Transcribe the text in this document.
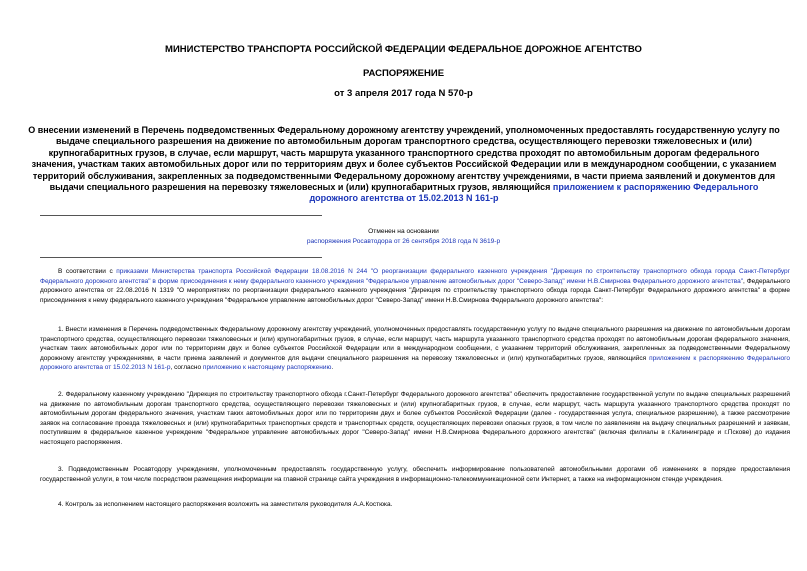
МИНИСТЕРСТВО ТРАНСПОРТА РОССИЙСКОЙ ФЕДЕРАЦИИ ФЕДЕРАЛЬНОЕ ДОРОЖНОЕ АГЕНТСТВО

РАСПОРЯЖЕНИЕ

от 3 апреля 2017 года N 570-р

О внесении изменений в Перечень подведомственных Федеральному дорожному агентству учреждений, уполномоченных предоставлять государственную услугу по выдаче специального разрешения на движение по автомобильным дорогам транспортного средства, осуществляющего перевозки тяжеловесных и (или) крупногабаритных грузов, в случае, если маршрут, часть маршрута указанного транспортного средства проходят по автомобильным дорогам федерального значения, участкам таких автомобильных дорог или по территориям двух и более субъектов Российской Федерации или в международном сообщении, с указанием территорий обслуживания, закрепленных за подведомственными Федеральному дорожному агентству учреждениями, в части приема заявлений и документов для выдачи специального разрешения на перевозку тяжеловесных и (или) крупногабаритных грузов, являющийся приложением к распоряжению Федерального дорожного агентства от 15.02.2013 N 161-р

Отменен на основании

распоряжения Росавтодора от 26 сентября 2018 года N 3619-р

В соответствии с приказами Министерства транспорта Российской Федерации 18.08.2016 N 244 "О реорганизации федерального казенного учреждения "Дирекция по строительству транспортного обхода города Санкт-Петербург Федерального дорожного агентства" в форме присоединения к нему федерального казенного учреждения "Федеральное управление автомобильных дорог "Северо-Запад" имени Н.В.Смирнова Федерального дорожного агентства", Федерального дорожного агентства от 22.08.2016 N 1319 "О мероприятиях по реорганизации федерального казенного учреждения "Дирекция по строительству транспортного обхода города Санкт-Петербург Федерального дорожного агентства" в форме присоединения к нему федерального казенного учреждения "Федеральное управление автомобильных дорог "Северо-Запад" имени Н.В.Смирнова Федерального дорожного агентства":

1. Внести изменения в Перечень подведомственных Федеральному дорожному агентству учреждений, уполномоченных предоставлять государственную услугу по выдаче специального разрешения на движение по автомобильным дорогам транспортного средства, осуществляющего перевозки тяжеловесных и (или) крупногабаритных грузов, в случае, если маршрут, часть маршрута указанного транспортного средства проходят по автомобильным дорогам федерального значения, участкам таких автомобильных дорог или по территориям двух и более субъектов Российской Федерации или в международном сообщении, с указанием территорий обслуживания, закрепленных за подведомственными Федеральному дорожному агентству учреждениями, в части приема заявлений и документов для выдачи специального разрешения на перевозку тяжеловесных и (или) крупногабаритных грузов, являющийся приложением к распоряжению Федерального дорожного агентства от 15.02.2013 N 161-р, согласно приложению к настоящему распоряжению.

2. Федеральному казенному учреждению "Дирекция по строительству транспортного обхода г.Санкт-Петербург Федерального дорожного агентства" обеспечить предоставление государственной услуги по выдаче специальных разрешений на движение по автомобильным дорогам транспортного средства, осуществляющего перевозки тяжеловесных и (или) крупногабаритных грузов, в случае, если маршрут, часть маршрута указанного транспортного средства проходят по автомобильным дорогам федерального значения, участкам таких автомобильных дорог или по территориям двух и более субъектов Российской Федерации (далее - государственная услуга, специальное разрешение), а также рассмотрение заявок на согласование проезда тяжеловесных и (или) крупногабаритных транспортных средств и транспортных средств, осуществляющих перевозки опасных грузов, в том числе по заявлениям на выдачу специальных разрешений и заявкам, поступившим в федеральное казенное учреждение "Федеральное управление автомобильных дорог "Северо-Запад" имени Н.В.Смирнова Федерального дорожного агентства" (включая филиалы в г.Калининграде и г.Пскове) до издания настоящего распоряжения.

3. Подведомственным Росавтодору учреждениям, уполномоченным предоставлять государственную услугу, обеспечить информирование пользователей автомобильными дорогами об изменениях в порядке предоставления государственной услуги, в том числе посредством размещения информации на главной странице сайта учреждения в информационно-телекоммуникационной сети Интернет, а также на информационном стенде учреждения.

4. Контроль за исполнением настоящего распоряжения возложить на заместителя руководителя А.А.Костюка.
